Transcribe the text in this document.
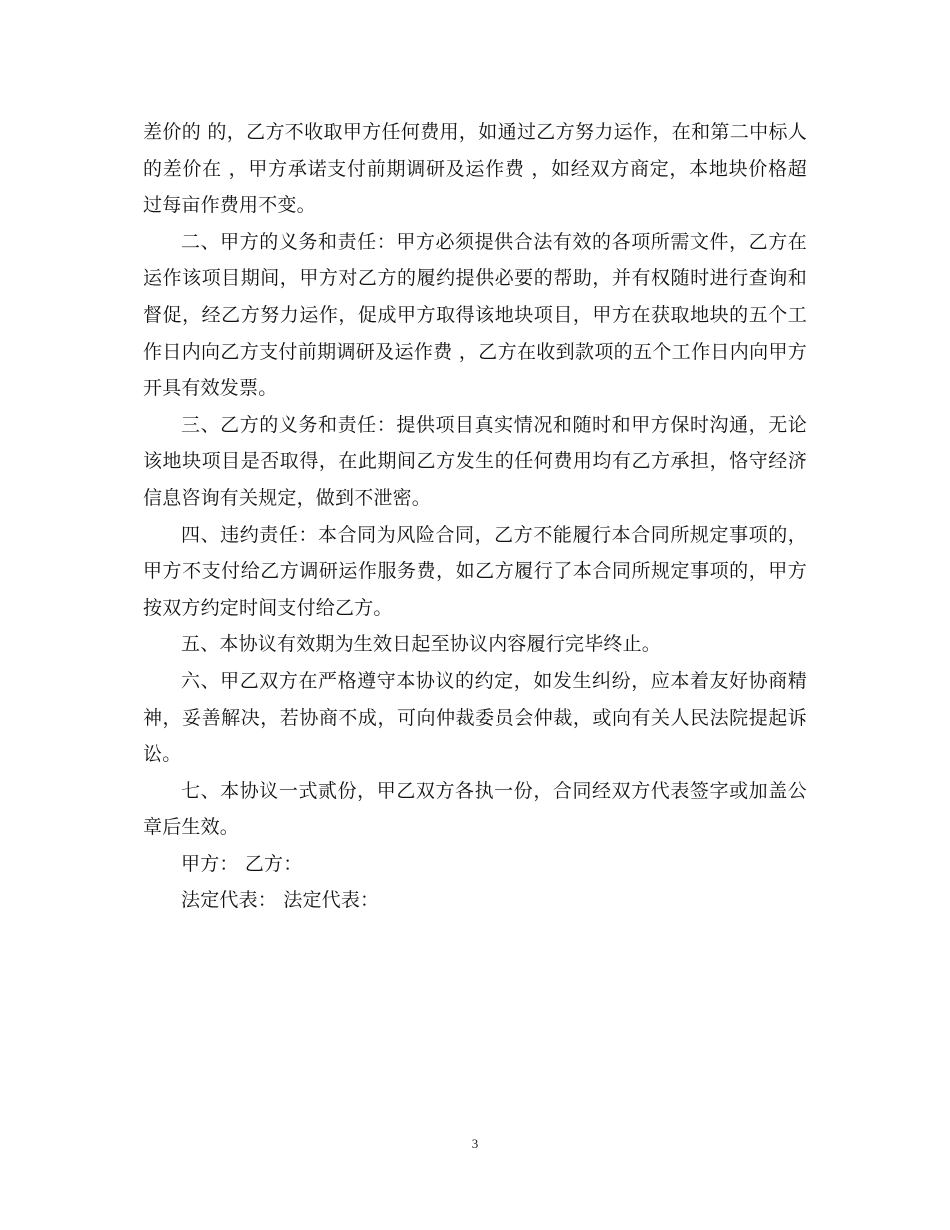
差价的 的，乙方不收取甲方任何费用，如通过乙方努力运作，在和第二中标人的差价在 ，甲方承诺支付前期调研及运作费 ，如经双方商定，本地块价格超过每亩作费用不变。

二、甲方的义务和责任：甲方必须提供合法有效的各项所需文件，乙方在运作该项目期间，甲方对乙方的履约提供必要的帮助，并有权随时进行查询和督促，经乙方努力运作，促成甲方取得该地块项目，甲方在获取地块的五个工作日内向乙方支付前期调研及运作费 ，乙方在收到款项的五个工作日内向甲方开具有效发票。

三、乙方的义务和责任：提供项目真实情况和随时和甲方保时沟通，无论该地块项目是否取得，在此期间乙方发生的任何费用均有乙方承担，恪守经济信息咨询有关规定，做到不泄密。

四、违约责任：本合同为风险合同，乙方不能履行本合同所规定事项的，甲方不支付给乙方调研运作服务费，如乙方履行了本合同所规定事项的，甲方按双方约定时间支付给乙方。

五、本协议有效期为生效日起至协议内容履行完毕终止。

六、甲乙双方在严格遵守本协议的约定，如发生纠纷，应本着友好协商精神，妥善解决，若协商不成，可向仲裁委员会仲裁，或向有关人民法院提起诉讼。

七、本协议一式贰份，甲乙双方各执一份，合同经双方代表签字或加盖公章后生效。

甲方： 乙方：

法定代表： 法定代表：

3
